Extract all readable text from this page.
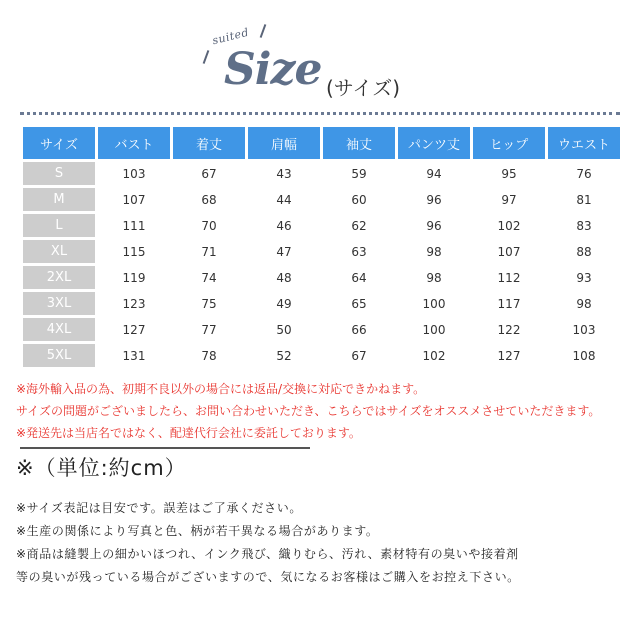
suited
Size (サイズ)
サイズ	バスト	着丈	肩幅	袖丈	パンツ丈	ヒップ	ウエスト
S	103	67	43	59	94	95	76
M	107	68	44	60	96	97	81
L	111	70	46	62	96	102	83
XL	115	71	47	63	98	107	88
2XL	119	74	48	64	98	112	93
3XL	123	75	49	65	100	117	98
4XL	127	77	50	66	100	122	103
5XL	131	78	52	67	102	127	108

※海外輸入品の為、初期不良以外の場合には返品/交換に対応できかねます。

サイズの問題がございましたら、お問い合わせいただき、こちらではサイズをオススメさせていただきます。

※発送先は当店名ではなく、配達代行会社に委託しております。

※（単位:約cm）

※サイズ表記は目安です。誤差はご了承ください。

※生産の関係により写真と色、柄が若干異なる場合があります。

※商品は縫製上の細かいほつれ、インク飛び、織りむら、汚れ、素材特有の臭いや接着剤

等の臭いが残っている場合がございますので、気になるお客様はご購入をお控え下さい。
